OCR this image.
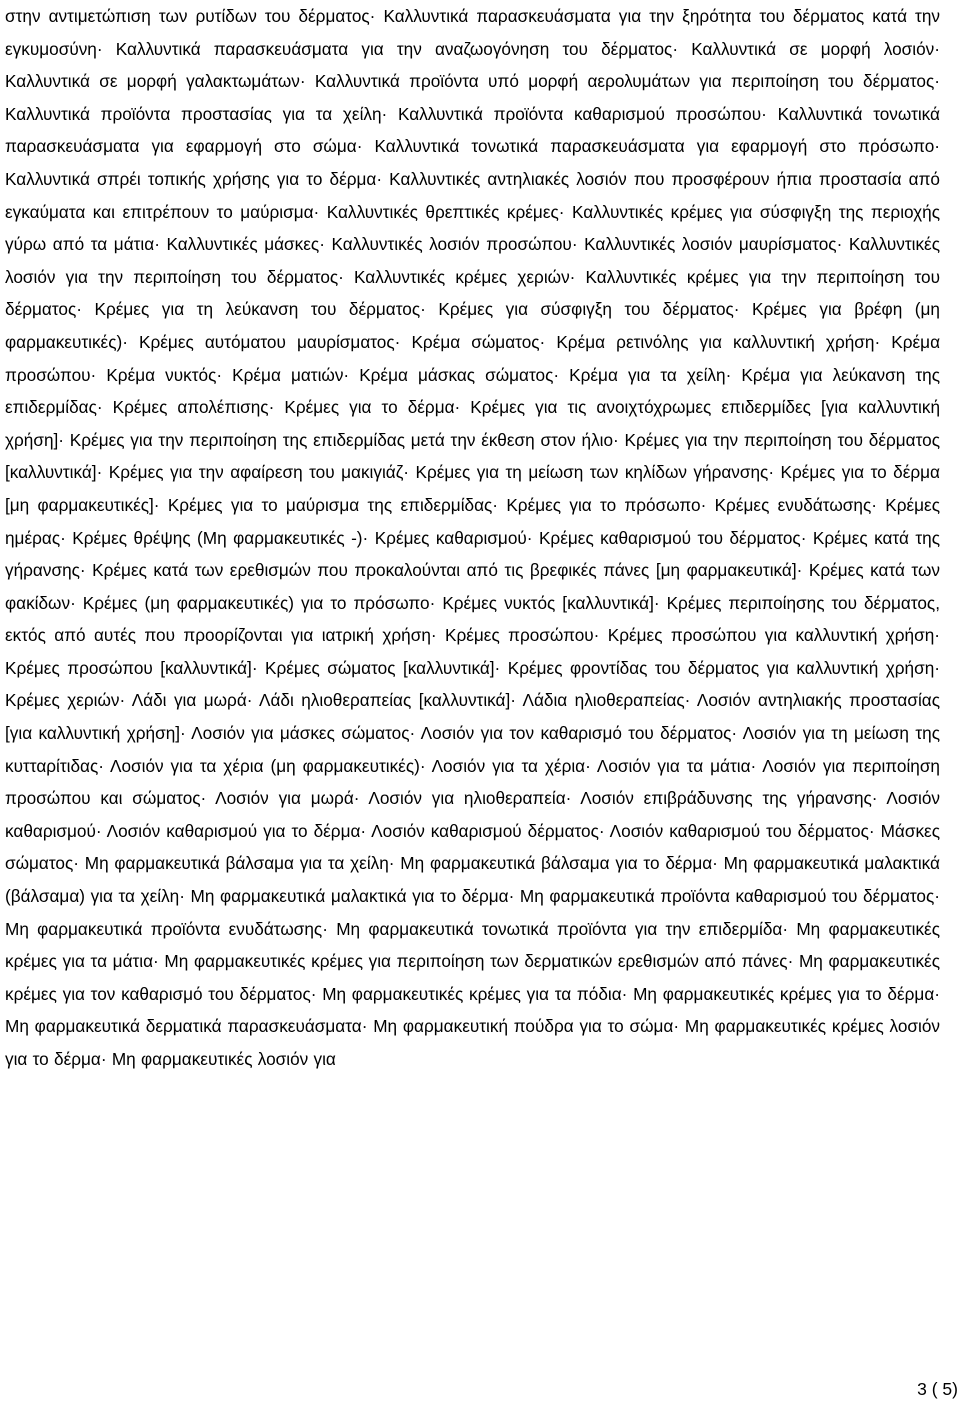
στην αντιμετώπιση των ρυτίδων του δέρματος· Καλλυντικά παρασκευάσματα για την ξηρότητα του δέρματος κατά την εγκυμοσύνη· Καλλυντικά παρασκευάσματα για την αναζωογόνηση του δέρματος· Καλλυντικά σε μορφή λοσιόν· Καλλυντικά σε μορφή γαλακτωμάτων· Καλλυντικά προϊόντα υπό μορφή αερολυμάτων για περιποίηση του δέρματος· Καλλυντικά προϊόντα προστασίας για τα χείλη· Καλλυντικά προϊόντα καθαρισμού προσώπου· Καλλυντικά τονωτικά παρασκευάσματα για εφαρμογή στο σώμα· Καλλυντικά τονωτικά παρασκευάσματα για εφαρμογή στο πρόσωπο· Καλλυντικά σπρέι τοπικής χρήσης για το δέρμα· Καλλυντικές αντηλιακές λοσιόν που προσφέρουν ήπια προστασία από εγκαύματα και επιτρέπουν το μαύρισμα· Καλλυντικές θρεπτικές κρέμες· Καλλυντικές κρέμες για σύσφιγξη της περιοχής γύρω από τα μάτια· Καλλυντικές μάσκες· Καλλυντικές λοσιόν προσώπου· Καλλυντικές λοσιόν μαυρίσματος· Καλλυντικές λοσιόν για την περιποίηση του δέρματος· Καλλυντικές κρέμες χεριών· Καλλυντικές κρέμες για την περιποίηση του δέρματος· Κρέμες για τη λεύκανση του δέρματος· Κρέμες για σύσφιγξη του δέρματος· Κρέμες για βρέφη (μη φαρμακευτικές)· Κρέμες αυτόματου μαυρίσματος· Κρέμα σώματος· Κρέμα ρετινόλης για καλλυντική χρήση· Κρέμα προσώπου· Κρέμα νυκτός· Κρέμα ματιών· Κρέμα μάσκας σώματος· Κρέμα για τα χείλη· Κρέμα για λεύκανση της επιδερμίδας· Κρέμες απολέπισης· Κρέμες για το δέρμα· Κρέμες για τις ανοιχτόχρωμες επιδερμίδες [για καλλυντική χρήση]· Κρέμες για την περιποίηση της επιδερμίδας μετά την έκθεση στον ήλιο· Κρέμες για την περιποίηση του δέρματος [καλλυντικά]· Κρέμες για την αφαίρεση του μακιγιάζ· Κρέμες για τη μείωση των κηλίδων γήρανσης· Κρέμες για το δέρμα [μη φαρμακευτικές]· Κρέμες για το μαύρισμα της επιδερμίδας· Κρέμες για το πρόσωπο· Κρέμες ενυδάτωσης· Κρέμες ημέρας· Κρέμες θρέψης (Μη φαρμακευτικές -)· Κρέμες καθαρισμού· Κρέμες καθαρισμού του δέρματος· Κρέμες κατά της γήρανσης· Κρέμες κατά των ερεθισμών που προκαλούνται από τις βρεφικές πάνες [μη φαρμακευτικά]· Κρέμες κατά των φακίδων· Κρέμες (μη φαρμακευτικές) για το πρόσωπο· Κρέμες νυκτός [καλλυντικά]· Κρέμες περιποίησης του δέρματος, εκτός από αυτές που προορίζονται για ιατρική χρήση· Κρέμες προσώπου· Κρέμες προσώπου για καλλυντική χρήση· Κρέμες προσώπου [καλλυντικά]· Κρέμες σώματος [καλλυντικά]· Κρέμες φροντίδας του δέρματος για καλλυντική χρήση· Κρέμες χεριών· Λάδι για μωρά· Λάδι ηλιοθεραπείας [καλλυντικά]· Λάδια ηλιοθεραπείας· Λοσιόν αντηλιακής προστασίας [για καλλυντική χρήση]· Λοσιόν για μάσκες σώματος· Λοσιόν για τον καθαρισμό του δέρματος· Λοσιόν για τη μείωση της κυτταρίτιδας· Λοσιόν για τα χέρια (μη φαρμακευτικές)· Λοσιόν για τα χέρια· Λοσιόν για τα μάτια· Λοσιόν για περιποίηση προσώπου και σώματος· Λοσιόν για μωρά· Λοσιόν για ηλιοθεραπεία· Λοσιόν επιβράδυνσης της γήρανσης· Λοσιόν καθαρισμού· Λοσιόν καθαρισμού για το δέρμα· Λοσιόν καθαρισμού δέρματος· Λοσιόν καθαρισμού του δέρματος· Μάσκες σώματος· Μη φαρμακευτικά βάλσαμα για τα χείλη· Μη φαρμακευτικά βάλσαμα για το δέρμα· Μη φαρμακευτικά μαλακτικά (βάλσαμα) για τα χείλη· Μη φαρμακευτικά μαλακτικά για το δέρμα· Μη φαρμακευτικά προϊόντα καθαρισμού του δέρματος· Μη φαρμακευτικά προϊόντα ενυδάτωσης· Μη φαρμακευτικά τονωτικά προϊόντα για την επιδερμίδα· Μη φαρμακευτικές κρέμες για τα μάτια· Μη φαρμακευτικές κρέμες για περιποίηση των δερματικών ερεθισμών από πάνες· Μη φαρμακευτικές κρέμες για τον καθαρισμό του δέρματος· Μη φαρμακευτικές κρέμες για τα πόδια· Μη φαρμακευτικές κρέμες για το δέρμα· Μη φαρμακευτικά δερματικά παρασκευάσματα· Μη φαρμακευτική πούδρα για το σώμα· Μη φαρμακευτικές κρέμες λοσιόν για το δέρμα· Μη φαρμακευτικές λοσιόν για
3 ( 5)
